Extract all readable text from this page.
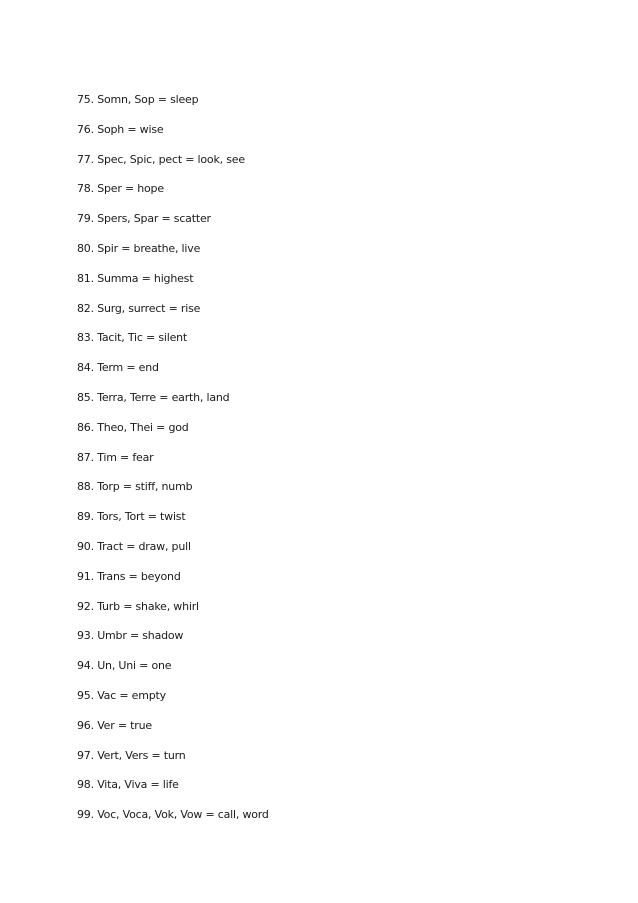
75. Somn, Sop = sleep
76. Soph = wise
77. Spec, Spic, pect = look, see
78. Sper = hope
79. Spers, Spar = scatter
80. Spir = breathe, live
81. Summa = highest
82. Surg, surrect = rise
83. Tacit, Tic = silent
84. Term = end
85. Terra, Terre = earth, land
86. Theo, Thei = god
87. Tim = fear
88. Torp = stiff, numb
89. Tors, Tort = twist
90. Tract = draw, pull
91. Trans = beyond
92. Turb = shake, whirl
93. Umbr = shadow
94. Un, Uni = one
95. Vac = empty
96. Ver = true
97. Vert, Vers = turn
98. Vita, Viva = life
99. Voc, Voca, Vok, Vow = call, word
